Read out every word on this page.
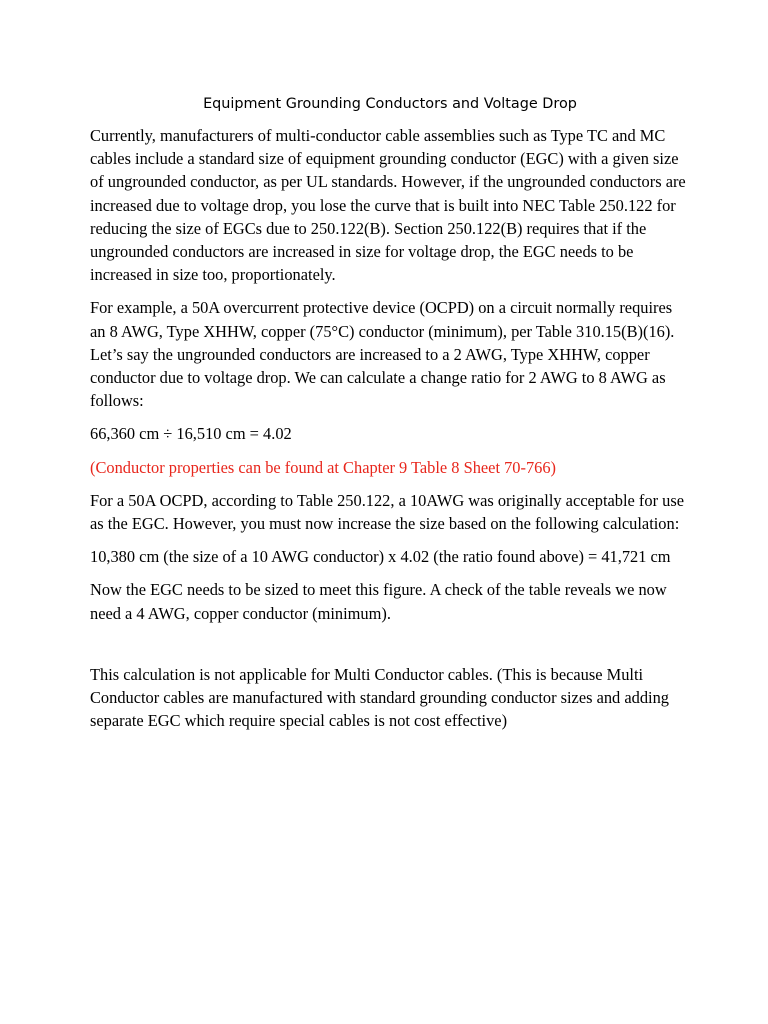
Equipment Grounding Conductors and Voltage Drop

Currently, manufacturers of multi-conductor cable assemblies such as Type TC and MC cables include a standard size of equipment grounding conductor (EGC) with a given size of ungrounded conductor, as per UL standards. However, if the ungrounded conductors are increased due to voltage drop, you lose the curve that is built into NEC Table 250.122 for reducing the size of EGCs due to 250.122(B). Section 250.122(B) requires that if the ungrounded conductors are increased in size for voltage drop, the EGC needs to be increased in size too, proportionately.

For example, a 50A overcurrent protective device (OCPD) on a circuit normally requires an 8 AWG, Type XHHW, copper (75°C) conductor (minimum), per Table 310.15(B)(16). Let’s say the ungrounded conductors are increased to a 2 AWG, Type XHHW, copper conductor due to voltage drop. We can calculate a change ratio for 2 AWG to 8 AWG as follows:

66,360 cm ÷ 16,510 cm = 4.02

(Conductor properties can be found at Chapter 9 Table 8 Sheet 70-766)

For a 50A OCPD, according to Table 250.122, a 10AWG was originally acceptable for use as the EGC. However, you must now increase the size based on the following calculation:

10,380 cm (the size of a 10 AWG conductor) x 4.02 (the ratio found above) = 41,721 cm

Now the EGC needs to be sized to meet this figure. A check of the table reveals we now need a 4 AWG, copper conductor (minimum).

This calculation is not applicable for Multi Conductor cables. (This is because Multi Conductor cables are manufactured with standard grounding conductor sizes and adding separate EGC which require special cables is not cost effective)
